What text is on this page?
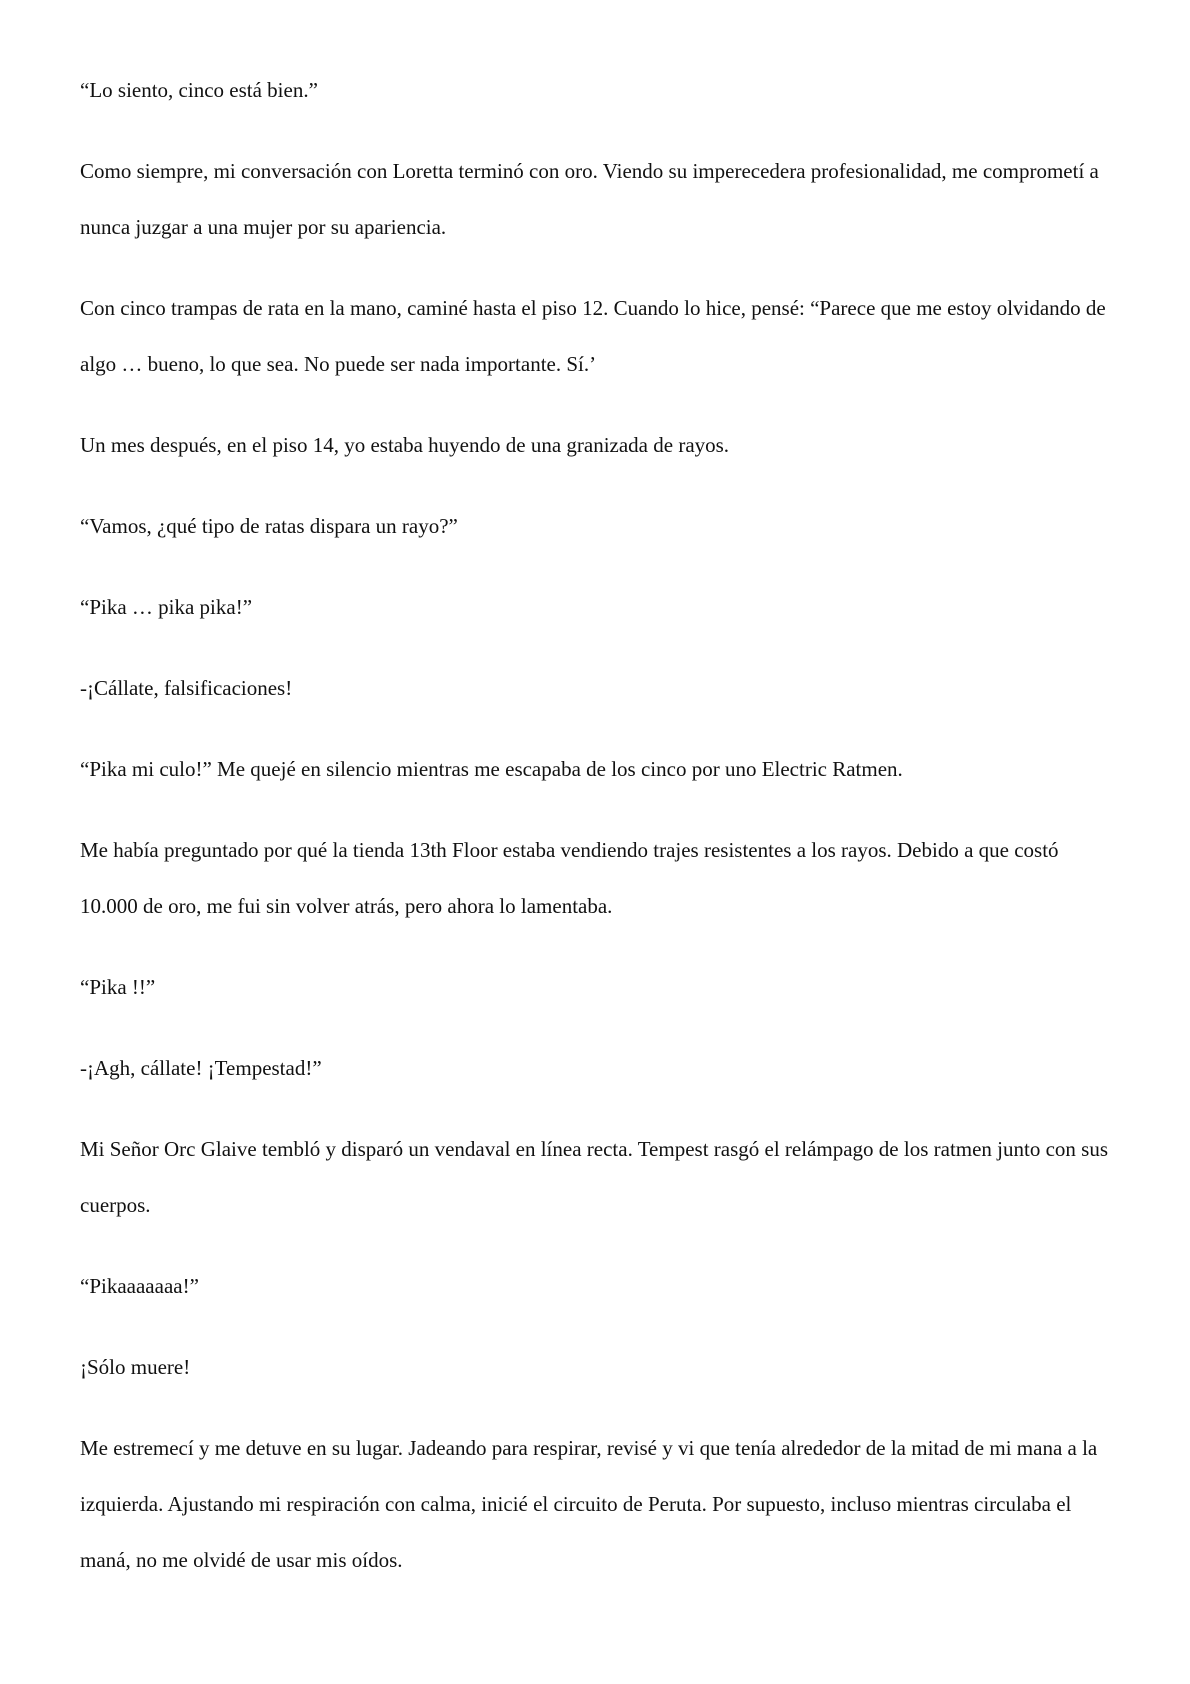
“Lo siento, cinco está bien.”

Como siempre, mi conversación con Loretta terminó con oro. Viendo su imperecedera profesionalidad, me comprometí a nunca juzgar a una mujer por su apariencia.

Con cinco trampas de rata en la mano, caminé hasta el piso 12. Cuando lo hice, pensé: “Parece que me estoy olvidando de algo … bueno, lo que sea. No puede ser nada importante. Sí.’

Un mes después, en el piso 14, yo estaba huyendo de una granizada de rayos.

“Vamos, ¿qué tipo de ratas dispara un rayo?”

“Pika … pika pika!”

-¡Cállate, falsificaciones!

“Pika mi culo!” Me quejé en silencio mientras me escapaba de los cinco por uno Electric Ratmen.

Me había preguntado por qué la tienda 13th Floor estaba vendiendo trajes resistentes a los rayos. Debido a que costó 10.000 de oro, me fui sin volver atrás, pero ahora lo lamentaba.

“Pika !!”

-¡Agh, cállate! ¡Tempestad!”

Mi Señor Orc Glaive tembló y disparó un vendaval en línea recta. Tempest rasgó el relámpago de los ratmen junto con sus cuerpos.

“Pikaaaaaaa!”

¡Sólo muere!

Me estremecí y me detuve en su lugar. Jadeando para respirar, revisé y vi que tenía alrededor de la mitad de mi mana a la izquierda. Ajustando mi respiración con calma, inicié el circuito de Peruta. Por supuesto, incluso mientras circulaba el maná, no me olvidé de usar mis oídos.
